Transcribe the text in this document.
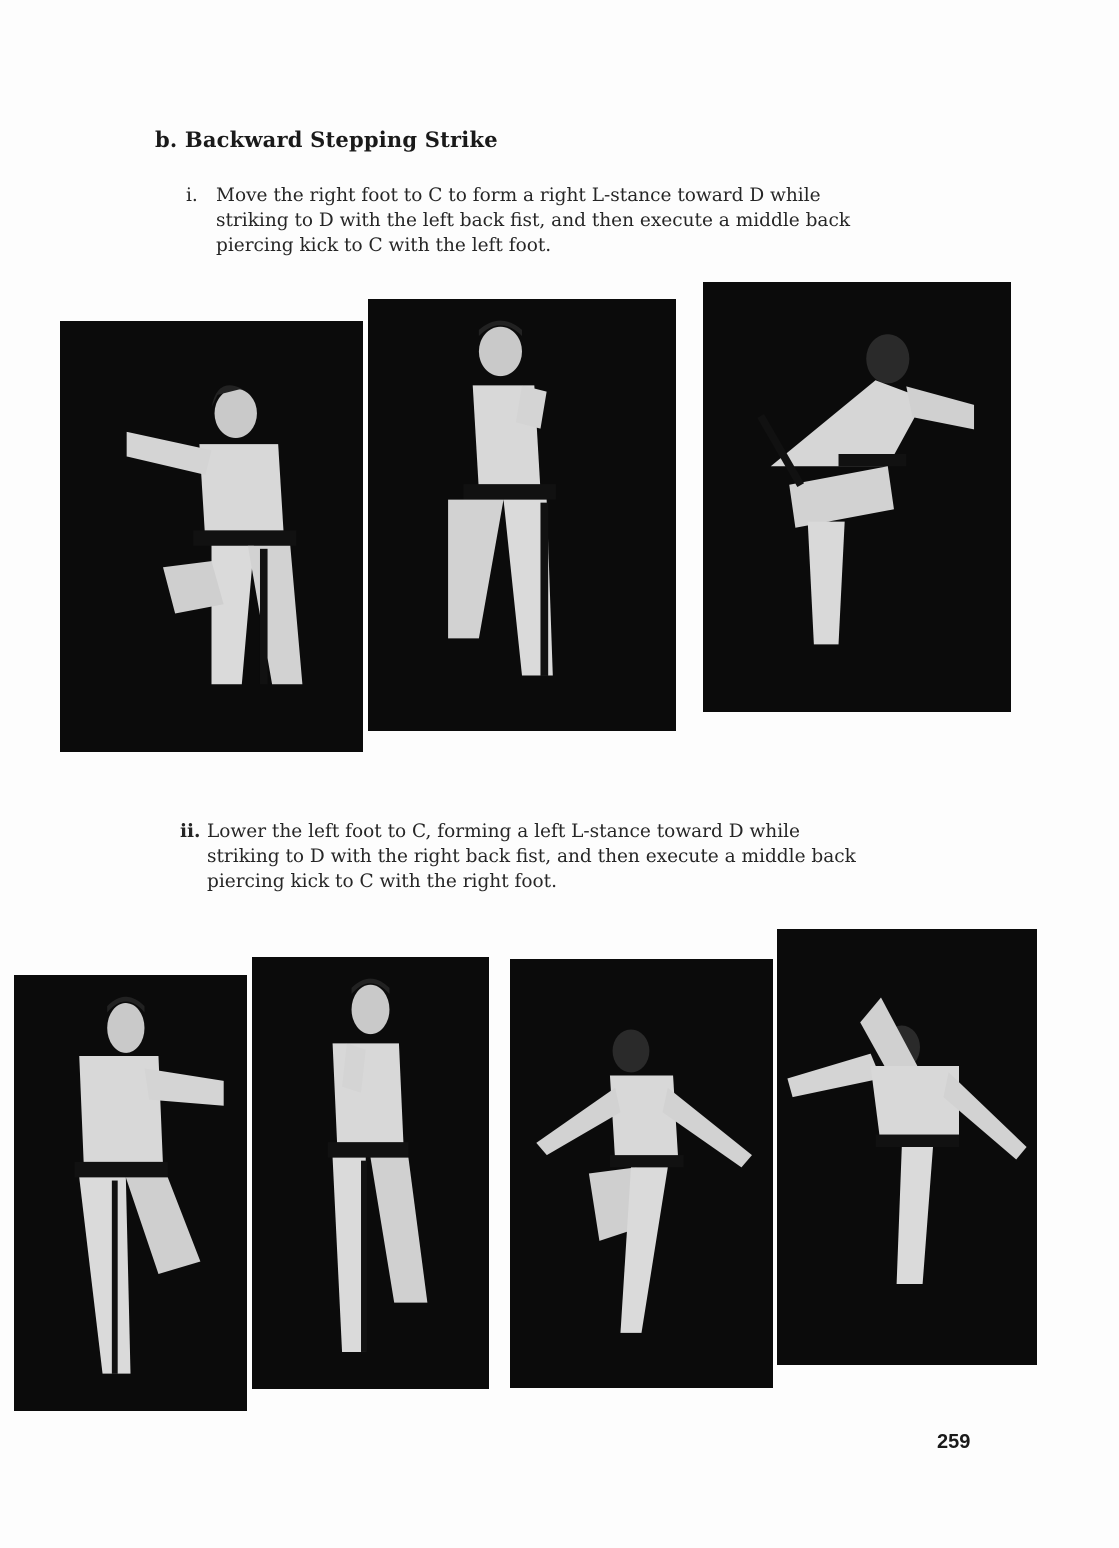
b. Backward Stepping Strike
i. Move the right foot to C to form a right L-stance toward D while
striking to D with the left back fist, and then execute a middle back
piercing kick to C with the left foot.
ii. Lower the left foot to C, forming a left L-stance toward D while
striking to D with the right back fist, and then execute a middle back
piercing kick to C with the right foot.
259
